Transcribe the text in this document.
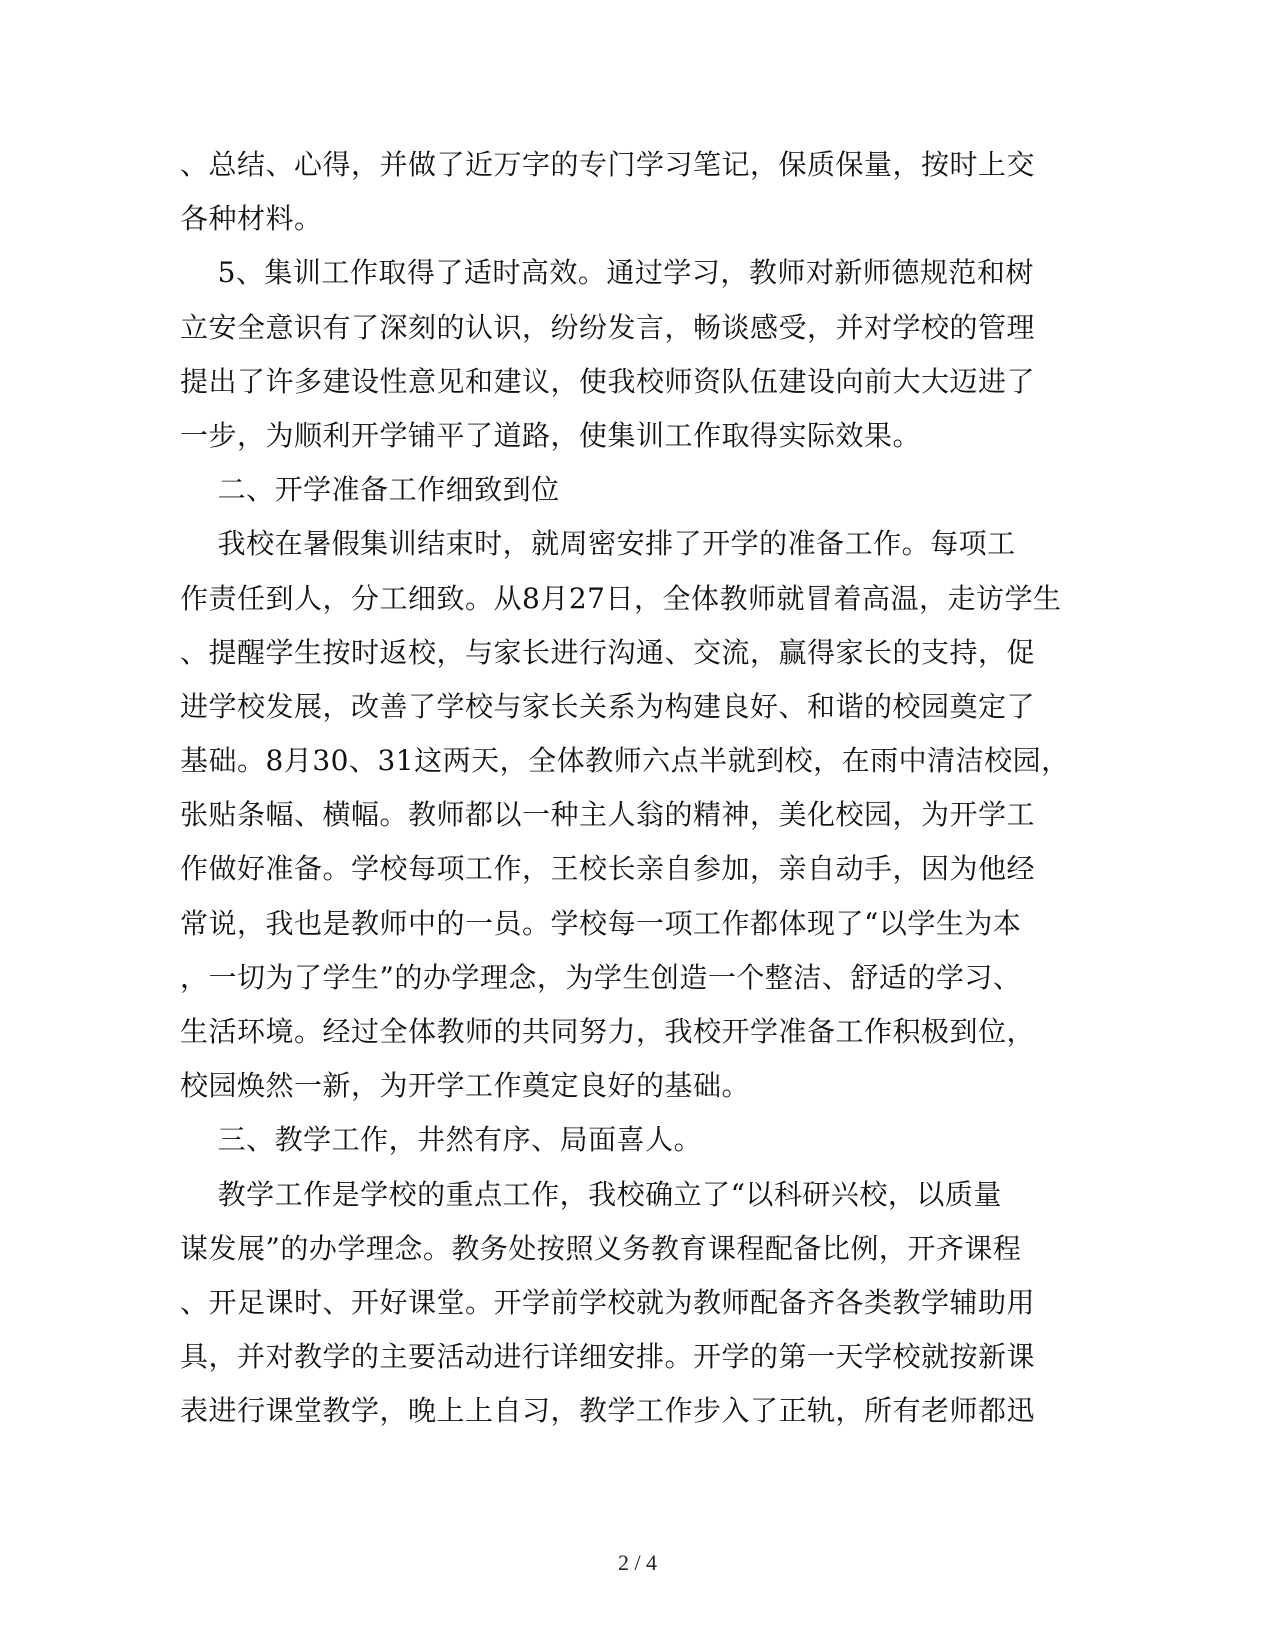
、总结、心得，并做了近万字的专门学习笔记，保质保量，按时上交
各种材料。
5、集训工作取得了适时高效。通过学习，教师对新师德规范和树
立安全意识有了深刻的认识，纷纷发言，畅谈感受，并对学校的管理
提出了许多建设性意见和建议，使我校师资队伍建设向前大大迈进了
一步，为顺利开学铺平了道路，使集训工作取得实际效果。
二、开学准备工作细致到位
我校在暑假集训结束时，就周密安排了开学的准备工作。每项工
作责任到人，分工细致。从8月27日，全体教师就冒着高温，走访学生
、提醒学生按时返校，与家长进行沟通、交流，赢得家长的支持，促
进学校发展，改善了学校与家长关系为构建良好、和谐的校园奠定了
基础。8月30、31这两天，全体教师六点半就到校，在雨中清洁校园，
张贴条幅、横幅。教师都以一种主人翁的精神，美化校园，为开学工
作做好准备。学校每项工作，王校长亲自参加，亲自动手，因为他经
常说，我也是教师中的一员。学校每一项工作都体现了“以学生为本
，一切为了学生”的办学理念，为学生创造一个整洁、舒适的学习、
生活环境。经过全体教师的共同努力，我校开学准备工作积极到位，
校园焕然一新，为开学工作奠定良好的基础。
三、教学工作，井然有序、局面喜人。
教学工作是学校的重点工作，我校确立了“以科研兴校，以质量
谋发展”的办学理念。教务处按照义务教育课程配备比例，开齐课程
、开足课时、开好课堂。开学前学校就为教师配备齐各类教学辅助用
具，并对教学的主要活动进行详细安排。开学的第一天学校就按新课
表进行课堂教学，晚上上自习，教学工作步入了正轨，所有老师都迅
2 / 4
